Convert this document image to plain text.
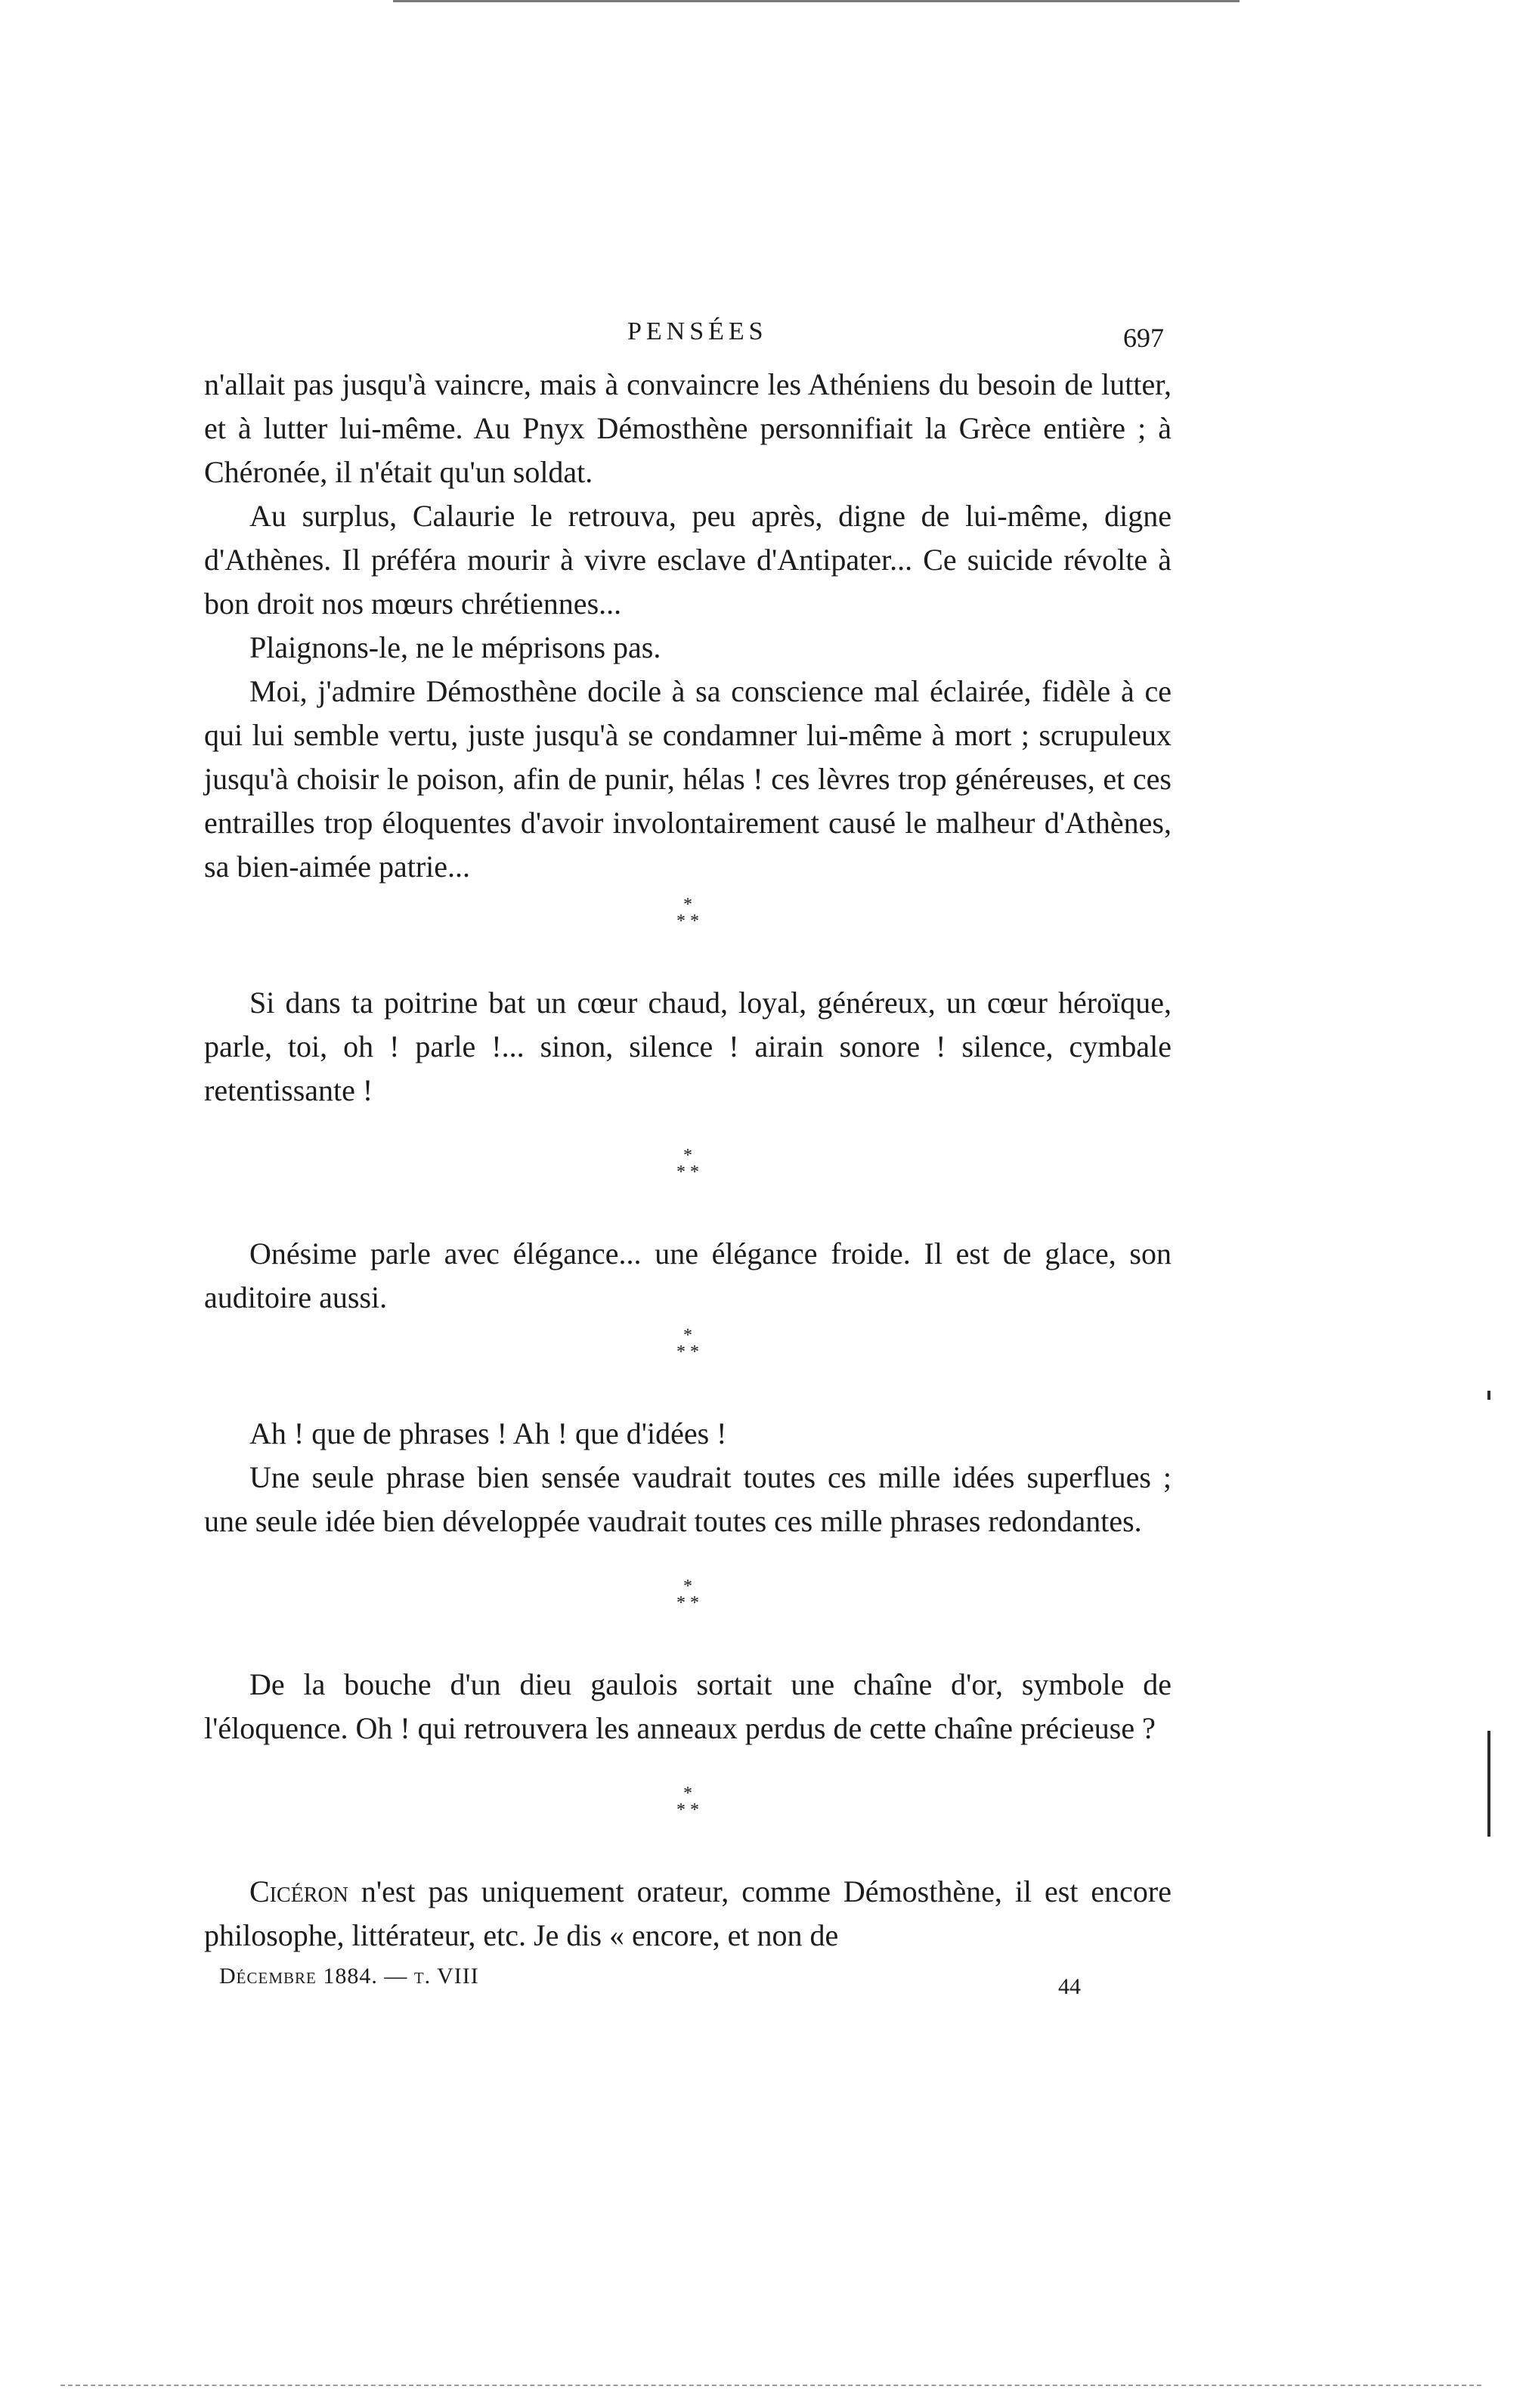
PENSÉES	697

n'allait pas jusqu'à vaincre, mais à convaincre les Athéniens du besoin de lutter, et à lutter lui-même. Au Pnyx Démosthène personnifiait la Grèce entière ; à Chéronée, il n'était qu'un soldat.

Au surplus, Calaurie le retrouva, peu après, digne de lui-même, digne d'Athènes. Il préféra mourir à vivre esclave d'Antipater... Ce suicide révolte à bon droit nos mœurs chrétiennes...

Plaignons-le, ne le méprisons pas.

Moi, j'admire Démosthène docile à sa conscience mal éclairée, fidèle à ce qui lui semble vertu, juste jusqu'à se condamner lui-même à mort ; scrupuleux jusqu'à choisir le poison, afin de punir, hélas ! ces lèvres trop généreuses, et ces entrailles trop éloquentes d'avoir involontairement causé le malheur d'Athènes, sa bien-aimée patrie...

*
* *

Si dans ta poitrine bat un cœur chaud, loyal, généreux, un cœur héroïque, parle, toi, oh ! parle !... sinon, silence ! airain sonore ! silence, cymbale retentissante !

*
* *

Onésime parle avec élégance... une élégance froide. Il est de glace, son auditoire aussi.

*
* *

Ah ! que de phrases ! Ah ! que d'idées !

Une seule phrase bien sensée vaudrait toutes ces mille idées superflues ; une seule idée bien développée vaudrait toutes ces mille phrases redondantes.

*
* *

De la bouche d'un dieu gaulois sortait une chaîne d'or, symbole de l'éloquence. Oh ! qui retrouvera les anneaux perdus de cette chaîne précieuse ?

*
* *

Cicéron n'est pas uniquement orateur, comme Démosthène, il est encore philosophe, littérateur, etc. Je dis « encore, et non de

Décembre 1884. — t. VIII	44
